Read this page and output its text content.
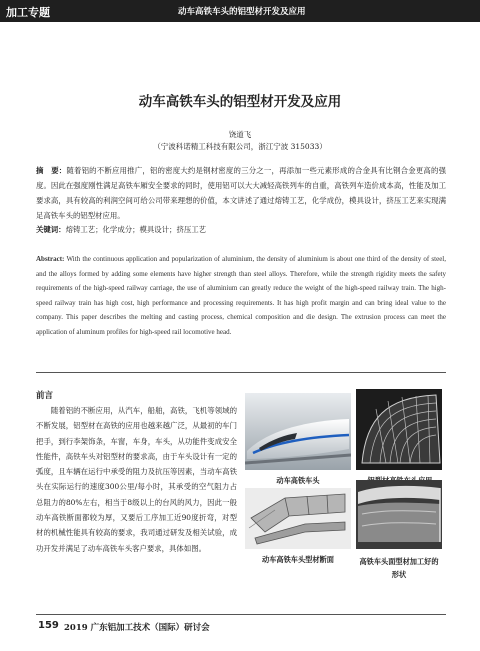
加工专题	动车高铁车头的铝型材开发及应用
动车高铁车头的铝型材开发及应用
饶道飞
（宁波科诺精工科技有限公司，浙江宁波 315033）
摘　要：随着铝的不断应用推广，铝的密度大约是钢材密度的三分之一，再添加一些元素形成的合金具有比钢合金更高的强度。因此在强度刚性满足高铁车厢安全要求的同时，使用铝可以大大减轻高铁列车的自重，高铁列车造价成本高，性能及加工要求高，具有较高的利润空间可给公司带来理想的价值，本文讲述了通过熔铸工艺，化学成份，模具设计，挤压工艺来实现满足高铁车头的铝型材应用。
关键词：熔铸工艺；化学成分；模具设计；挤压工艺
Abstract: With the continuous application and popularization of aluminium, the density of aluminium is about one third of the density of steel, and the alloys formed by adding some elements have higher strength than steel alloys. Therefore, while the strength rigidity meets the safety requirements of the high-speed railway carriage, the use of aluminium can greatly reduce the weight of the high-speed railway train. The high-speed railway train has high cost, high performance and processing requirements. It has high profit margin and can bring ideal value to the company. This paper describes the melting and casting process, chemical composition and die design. The extrusion process can meet the application of aluminum profiles for high-speed rail locomotive head.
前言
随着铝的不断应用，从汽车，船舶，高铁，飞机等领域的不断发展，铝型材在高铁的应用也越来越广泛，从最初的车门把手，到行李架饰条，车窗，车身，车头，从功能件变成安全性能件，高铁车头对铝型材的要求高，由于车头设计有一定的弧度，且车辆在运行中承受的阻力及抗压等因素，当动车高铁头在实际运行的速度300公里/每小时，其承受的空气阻力占总阻力的80%左右，相当于8级以上的台风的风力，因此一般动车高铁断面都较为厚，又要后工序加工近90度折弯，对型材的机械性能具有较高的要求，我司通过研发及相关试验，成功开发并满足了动车高铁车头客户要求，具体如图。
动车高铁车头
动车高铁车头型材断面	高铁车头面型材加工好的形状
159 2019 广东铝加工技术（国际）研讨会
